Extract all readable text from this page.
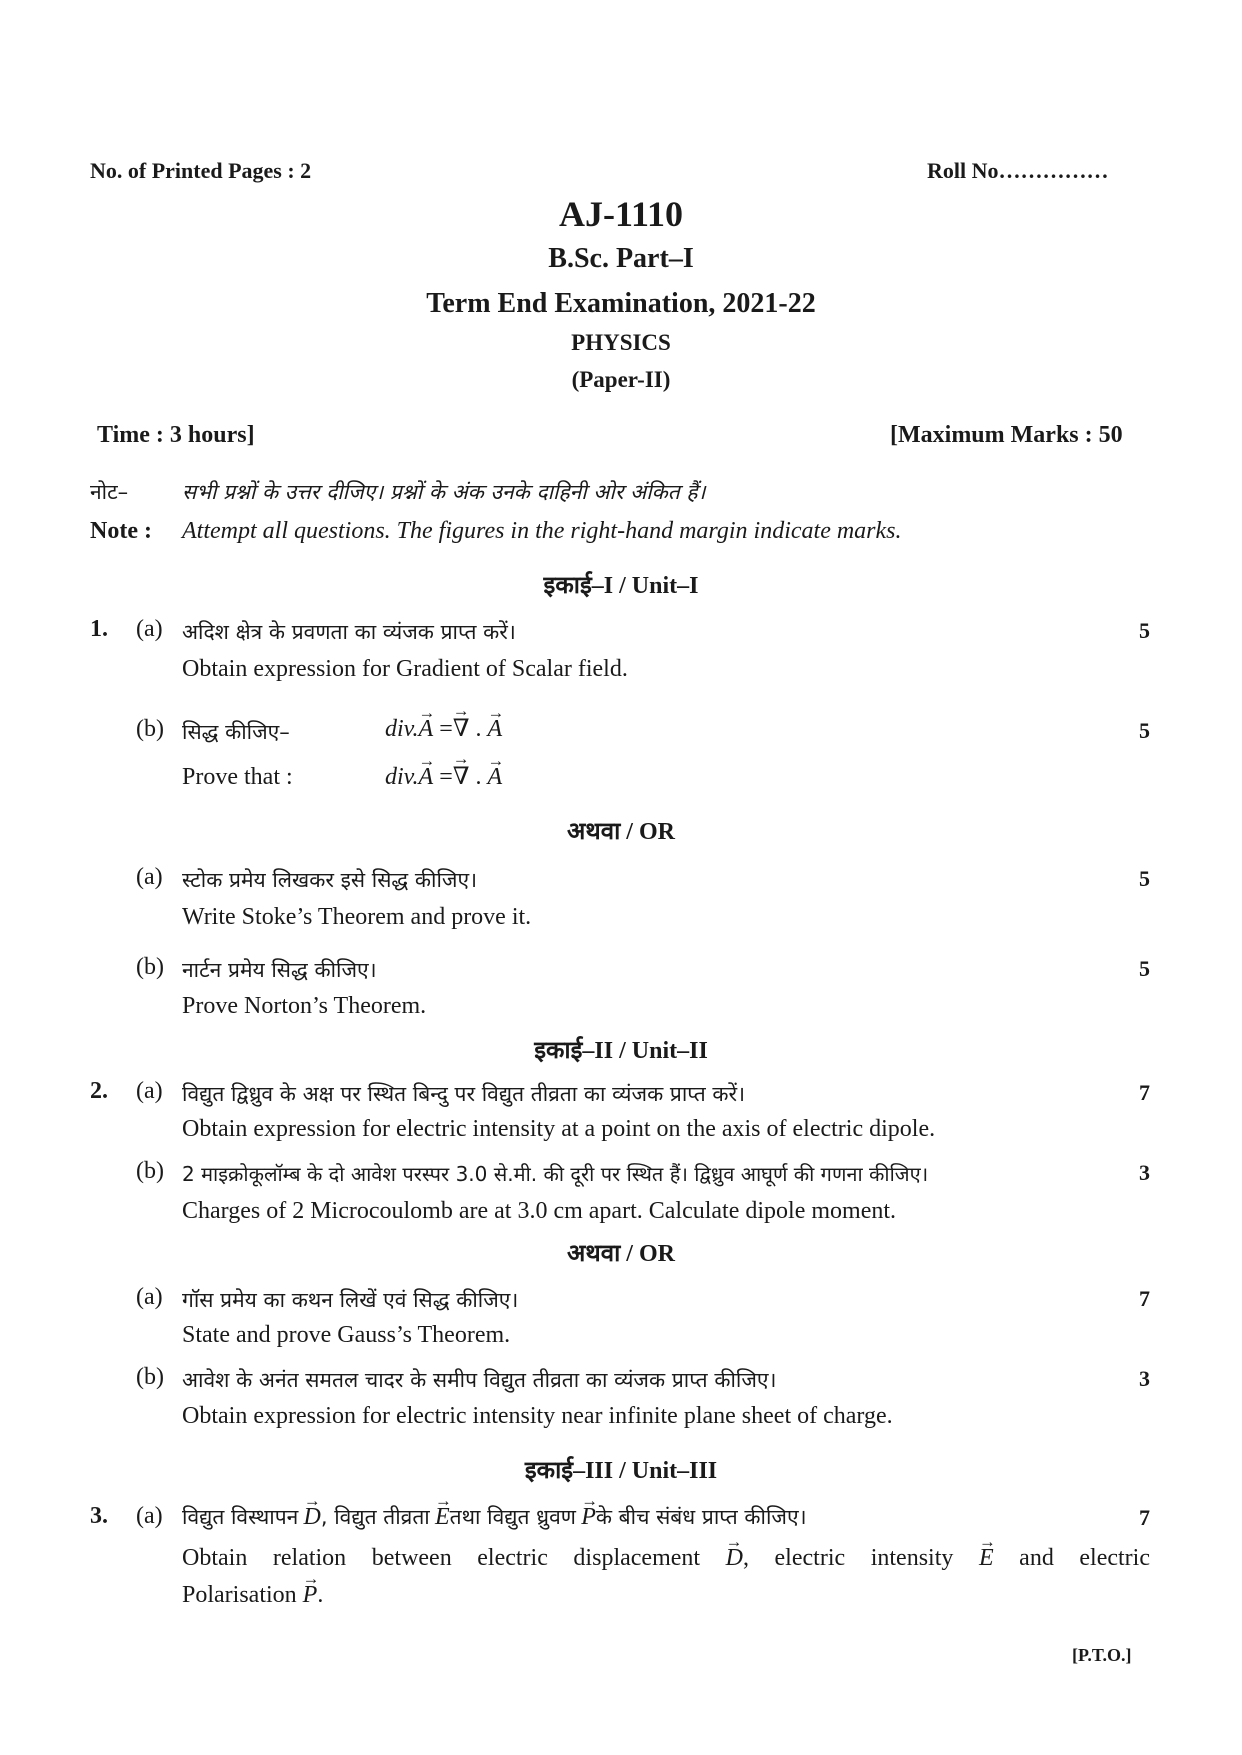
No. of Printed Pages : 2	Roll No……………
AJ-1110
B.Sc. Part–I
Term End Examination, 2021-22
PHYSICS
(Paper-II)
Time : 3 hours]	[Maximum Marks : 50
नोट–	सभी प्रश्नों के उत्तर दीजिए। प्रश्नों के अंक उनके दाहिनी ओर अंकित हैं।
Note : Attempt all questions. The figures in the right-hand margin indicate marks.
इकाई–I / Unit–I
1. (a) अदिश क्षेत्र के प्रवणता का व्यंजक प्राप्त करें।	5
Obtain expression for Gradient of Scalar field.
(b) सिद्ध कीजिए–	div.→ A =→ ∇ . → A	5
Prove that :	div.→ A =→ ∇ . → A
अथवा / OR
(a) स्टोक प्रमेय लिखकर इसे सिद्ध कीजिए।	5
Write Stoke’s Theorem and prove it.
(b) नार्टन प्रमेय सिद्ध कीजिए।	5
Prove Norton’s Theorem.
इकाई–II / Unit–II
2. (a) विद्युत द्विध्रुव के अक्ष पर स्थित बिन्दु पर विद्युत तीव्रता का व्यंजक प्राप्त करें।	7
Obtain expression for electric intensity at a point on the axis of electric dipole.
(b) 2 माइक्रोकूलॉम्ब के दो आवेश परस्पर 3.0 से.मी. की दूरी पर स्थित हैं। द्विध्रुव आघूर्ण की गणना कीजिए।	3
Charges of 2 Microcoulomb are at 3.0 cm apart. Calculate dipole moment.
अथवा / OR
(a) गॉस प्रमेय का कथन लिखें एवं सिद्ध कीजिए।	7
State and prove Gauss’s Theorem.
(b) आवेश के अनंत समतल चादर के समीप विद्युत तीव्रता का व्यंजक प्राप्त कीजिए।	3
Obtain expression for electric intensity near infinite plane sheet of charge.
इकाई–III / Unit–III
3. (a) विद्युत विस्थापन → D, विद्युत तीव्रता → Eतथा विद्युत ध्रुवण → Pके बीच संबंध प्राप्त कीजिए।	7
Obtain relation between electric displacement → D, electric intensity → E and electric
Polarisation → P.
[P.T.O.]
